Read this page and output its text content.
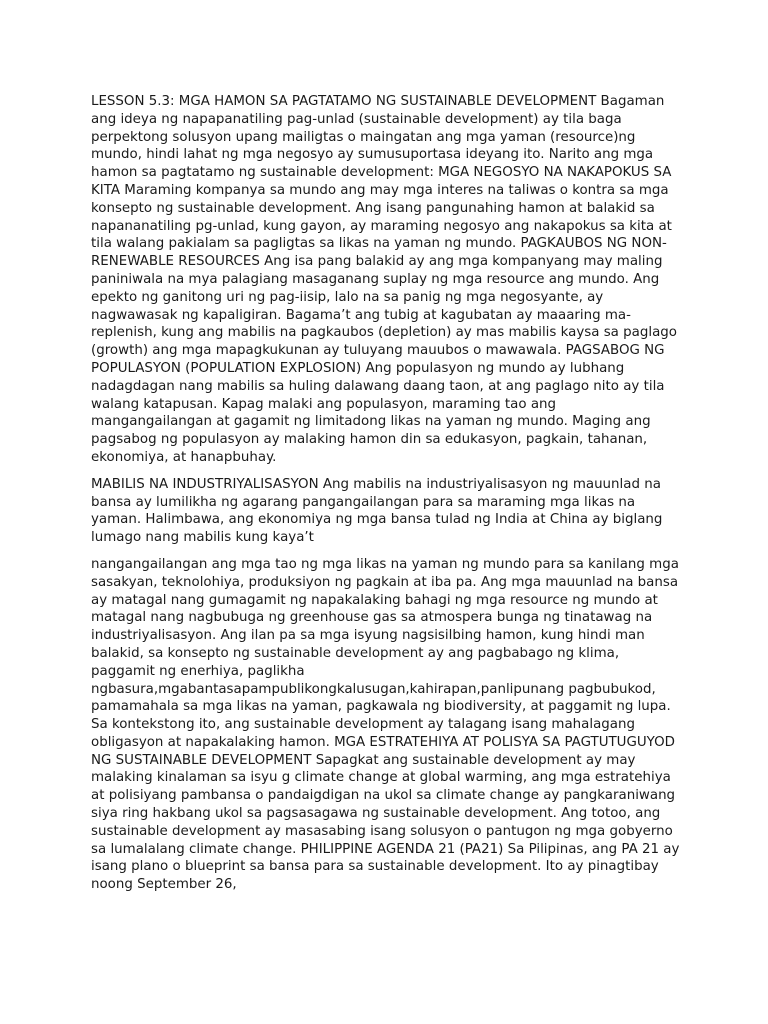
LESSON 5.3: MGA HAMON SA PAGTATAMO NG SUSTAINABLE DEVELOPMENT Bagaman ang ideya ng napapanatiling pag-unlad (sustainable development) ay tila baga perpektong solusyon upang mailigtas o maingatan ang mga yaman (resource)ng mundo, hindi lahat ng mga negosyo ay sumusuportasa ideyang ito. Narito ang mga hamon sa pagtatamo ng sustainable development: MGA NEGOSYO NA NAKAPOKUS SA KITA Maraming kompanya sa mundo ang may mga interes na taliwas o kontra sa mga konsepto ng sustainable development. Ang isang pangunahing hamon at balakid sa napananatiling pg-unlad, kung gayon, ay maraming negosyo ang nakapokus sa kita at tila walang pakialam sa pagligtas sa likas na yaman ng mundo. PAGKAUBOS NG NON-RENEWABLE RESOURCES Ang isa pang balakid ay ang mga kompanyang may maling paniniwala na mya palagiang masaganang suplay ng mga resource ang mundo. Ang epekto ng ganitong uri ng pag-iisip, lalo na sa panig ng mga negosyante, ay nagwawasak ng kapaligiran. Bagama’t ang tubig at kagubatan ay maaaring ma-replenish, kung ang mabilis na pagkaubos (depletion) ay mas mabilis kaysa sa paglago (growth) ang mga mapagkukunan ay tuluyang mauubos o mawawala. PAGSABOG NG POPULASYON (POPULATION EXPLOSION) Ang populasyon ng mundo ay lubhang nadagdagan nang mabilis sa huling dalawang daang taon, at ang paglago nito ay tila walang katapusan. Kapag malaki ang populasyon, maraming tao ang mangangailangan at gagamit ng limitadong likas na yaman ng mundo. Maging ang pagsabog ng populasyon ay malaking hamon din sa edukasyon, pagkain, tahanan, ekonomiya, at hanapbuhay.

MABILIS NA INDUSTRIYALISASYON Ang mabilis na industriyalisasyon ng mauunlad na bansa ay lumilikha ng agarang pangangailangan para sa maraming mga likas na yaman. Halimbawa, ang ekonomiya ng mga bansa tulad ng India at China ay biglang lumago nang mabilis kung kaya’t

nangangailangan ang mga tao ng mga likas na yaman ng mundo para sa kanilang mga sasakyan, teknolohiya, produksiyon ng pagkain at iba pa. Ang mga mauunlad na bansa ay matagal nang gumagamit ng napakalaking bahagi ng mga resource ng mundo at matagal nang nagbubuga ng greenhouse gas sa atmospera bunga ng tinatawag na industriyalisasyon. Ang ilan pa sa mga isyung nagsisilbing hamon, kung hindi man balakid, sa konsepto ng sustainable development ay ang pagbabago ng klima, paggamit ng enerhiya, paglikha ngbasura,mgabantasapampublikongkalusugan,kahirapan,panlipunang pagbubukod, pamamahala sa mga likas na yaman, pagkawala ng biodiversity, at paggamit ng lupa. Sa kontekstong ito, ang sustainable development ay talagang isang mahalagang obligasyon at napakalaking hamon. MGA ESTRATEHIYA AT POLISYA SA PAGTUTUGUYOD NG SUSTAINABLE DEVELOPMENT Sapagkat ang sustainable development ay may malaking kinalaman sa isyu g climate change at global warming, ang mga estratehiya at polisiyang pambansa o pandaigdigan na ukol sa climate change ay pangkaraniwang siya ring hakbang ukol sa pagsasagawa ng sustainable development. Ang totoo, ang sustainable development ay masasabing isang solusyon o pantugon ng mga gobyerno sa lumalalang climate change. PHILIPPINE AGENDA 21 (PA21) Sa Pilipinas, ang PA 21 ay isang plano o blueprint sa bansa para sa sustainable development. Ito ay pinagtibay noong September 26,
